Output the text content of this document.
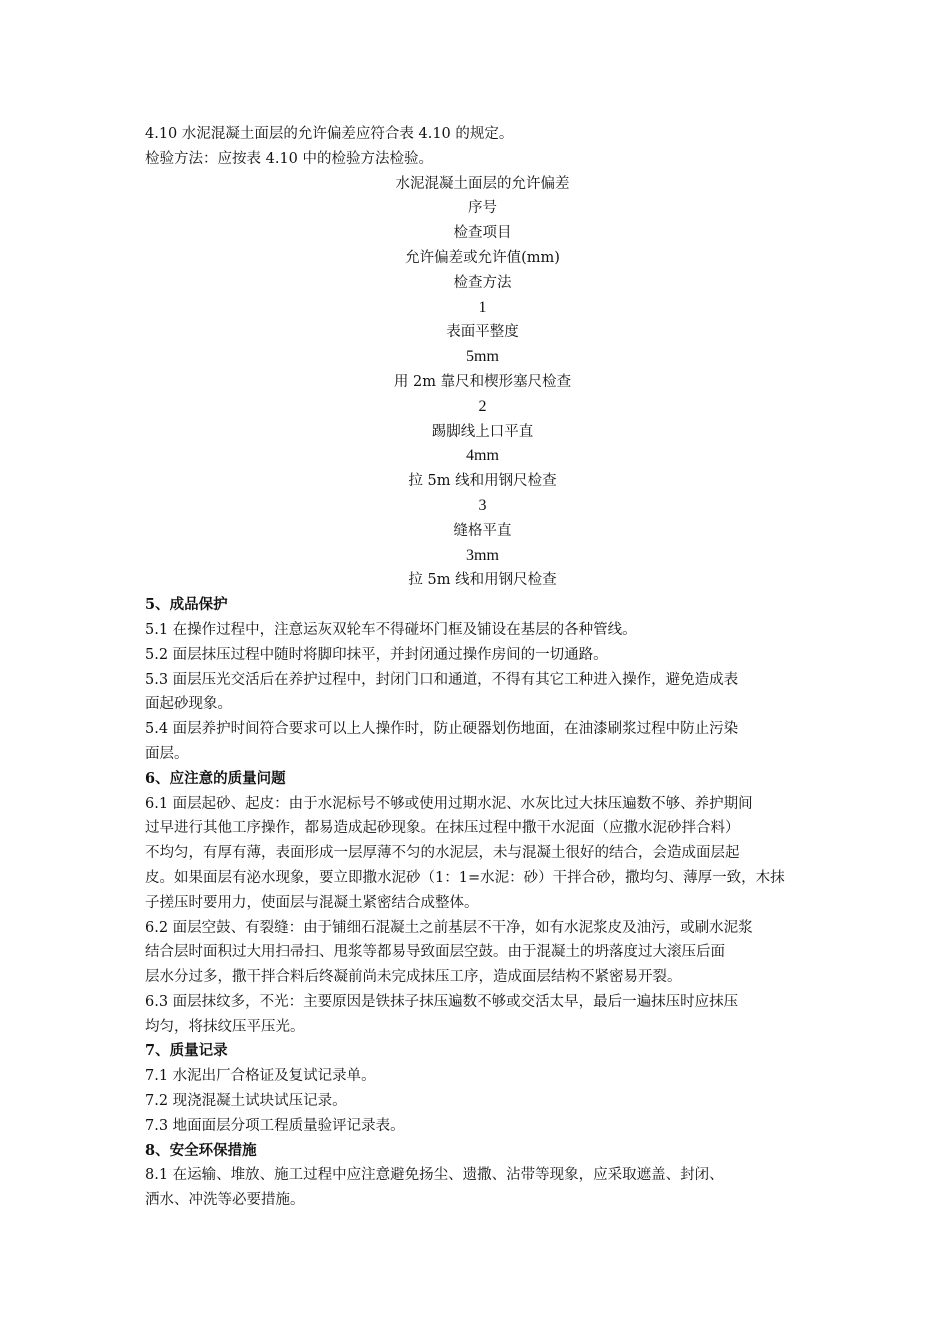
4.10 水泥混凝土面层的允许偏差应符合表 4.10 的规定。
检验方法：应按表 4.10 中的检验方法检验。
水泥混凝土面层的允许偏差
序号
检查项目
允许偏差或允许值(mm)
检查方法
1
表面平整度
5mm
用 2m 靠尺和楔形塞尺检查
2
踢脚线上口平直
4mm
拉 5m 线和用钢尺检查
3
缝格平直
3mm
拉 5m 线和用钢尺检查
5、成品保护
5.1 在操作过程中，注意运灰双轮车不得碰坏门框及铺设在基层的各种管线。
5.2 面层抹压过程中随时将脚印抹平，并封闭通过操作房间的一切通路。
5.3 面层压光交活后在养护过程中，封闭门口和通道，不得有其它工种进入操作，避免造成表
面起砂现象。
5.4 面层养护时间符合要求可以上人操作时，防止硬器划伤地面，在油漆刷浆过程中防止污染
面层。
6、应注意的质量问题
6.1 面层起砂、起皮：由于水泥标号不够或使用过期水泥、水灰比过大抹压遍数不够、养护期间
过早进行其他工序操作，都易造成起砂现象。在抹压过程中撒干水泥面（应撒水泥砂拌合料）
不均匀，有厚有薄，表面形成一层厚薄不匀的水泥层，未与混凝土很好的结合，会造成面层起
皮。如果面层有泌水现象，要立即撒水泥砂（1：1=水泥：砂）干拌合砂，撒均匀、薄厚一致，木抹
子搓压时要用力，使面层与混凝土紧密结合成整体。
6.2 面层空鼓、有裂缝：由于铺细石混凝土之前基层不干净，如有水泥浆皮及油污，或刷水泥浆
结合层时面积过大用扫帚扫、甩浆等都易导致面层空鼓。由于混凝土的坍落度过大滚压后面
层水分过多，撒干拌合料后终凝前尚未完成抹压工序，造成面层结构不紧密易开裂。
6.3 面层抹纹多，不光：主要原因是铁抹子抹压遍数不够或交活太早，最后一遍抹压时应抹压
均匀，将抹纹压平压光。
7、质量记录
7.1 水泥出厂合格证及复试记录单。
7.2 现浇混凝土试块试压记录。
7.3 地面面层分项工程质量验评记录表。
8、安全环保措施
8.1 在运输、堆放、施工过程中应注意避免扬尘、遗撒、沾带等现象，应采取遮盖、封闭、
洒水、冲洗等必要措施。
